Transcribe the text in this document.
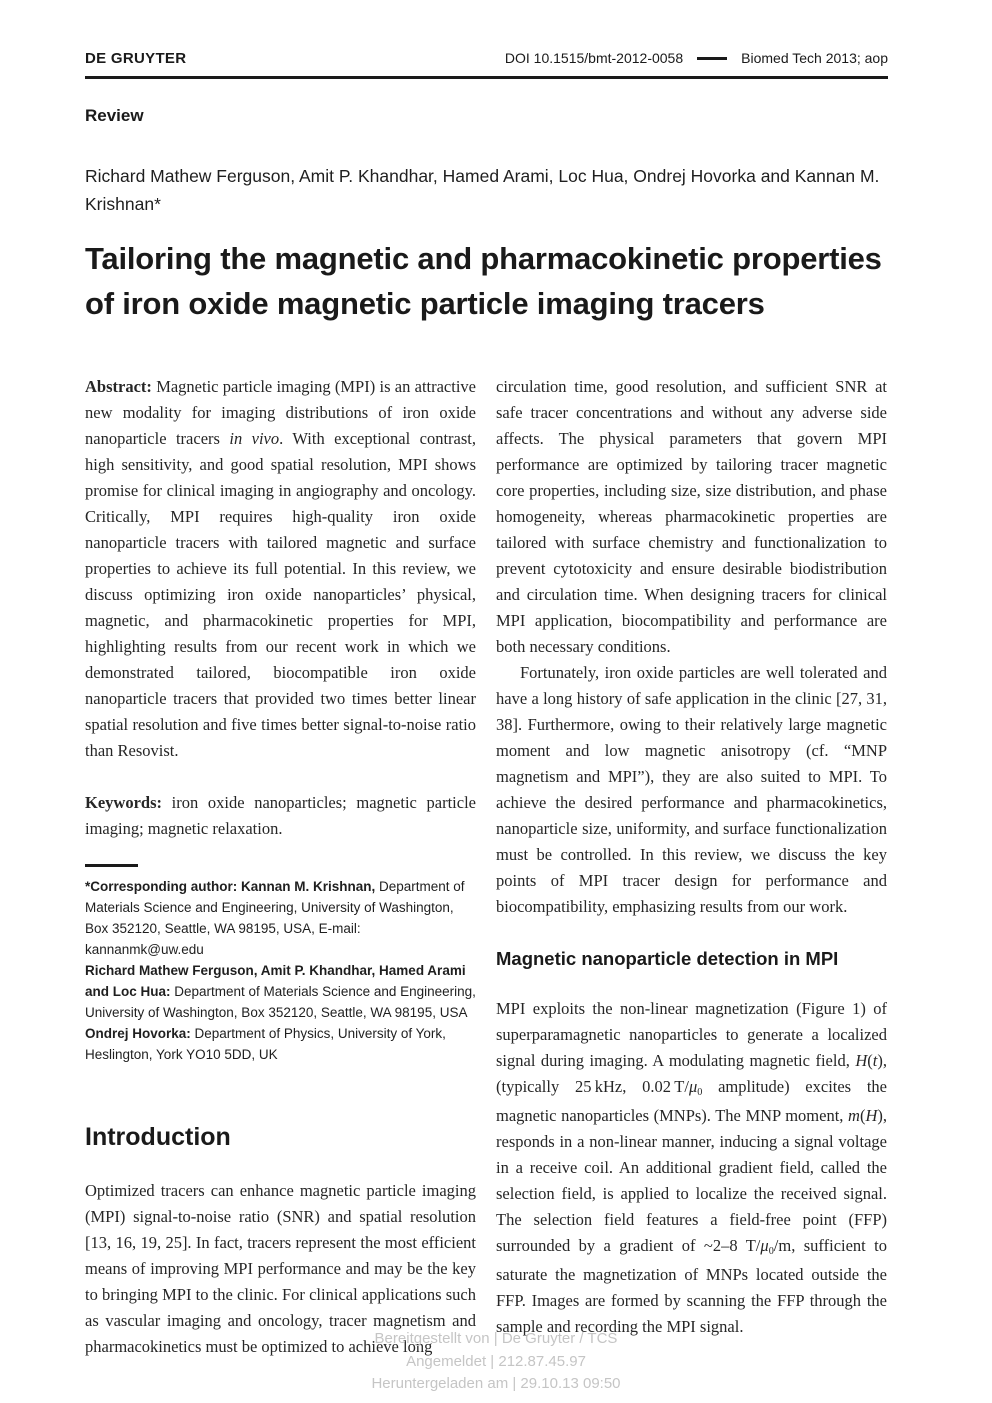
DE GRUYTER	DOI 10.1515/bmt-2012-0058	Biomed Tech 2013; aop
Review
Richard Mathew Ferguson, Amit P. Khandhar, Hamed Arami, Loc Hua, Ondrej Hovorka and Kannan M. Krishnan*
Tailoring the magnetic and pharmacokinetic properties of iron oxide magnetic particle imaging tracers

Abstract: Magnetic particle imaging (MPI) is an attractive new modality for imaging distributions of iron oxide nanoparticle tracers in vivo. With exceptional contrast, high sensitivity, and good spatial resolution, MPI shows promise for clinical imaging in angiography and oncology. Critically, MPI requires high-quality iron oxide nanoparticle tracers with tailored magnetic and surface properties to achieve its full potential. In this review, we discuss optimizing iron oxide nanoparticles’ physical, magnetic, and pharmacokinetic properties for MPI, highlighting results from our recent work in which we demonstrated tailored, biocompatible iron oxide nanoparticle tracers that provided two times better linear spatial resolution and five times better signal-to-noise ratio than Resovist.

Keywords: iron oxide nanoparticles; magnetic particle imaging; magnetic relaxation.

*Corresponding author: Kannan M. Krishnan, Department of Materials Science and Engineering, University of Washington, Box 352120, Seattle, WA 98195, USA, E-mail: kannanmk@uw.edu
Richard Mathew Ferguson, Amit P. Khandhar, Hamed Arami and Loc Hua: Department of Materials Science and Engineering, University of Washington, Box 352120, Seattle, WA 98195, USA
Ondrej Hovorka: Department of Physics, University of York, Heslington, York YO10 5DD, UK
Introduction

Optimized tracers can enhance magnetic particle imaging (MPI) signal-to-noise ratio (SNR) and spatial resolution [13, 16, 19, 25]. In fact, tracers represent the most efficient means of improving MPI performance and may be the key to bringing MPI to the clinic. For clinical applications such as vascular imaging and oncology, tracer magnetism and pharmacokinetics must be optimized to achieve long

circulation time, good resolution, and sufficient SNR at safe tracer concentrations and without any adverse side affects. The physical parameters that govern MPI performance are optimized by tailoring tracer magnetic core properties, including size, size distribution, and phase homogeneity, whereas pharmacokinetic properties are tailored with surface chemistry and functionalization to prevent cytotoxicity and ensure desirable biodistribution and circulation time. When designing tracers for clinical MPI application, biocompatibility and performance are both necessary conditions.

Fortunately, iron oxide particles are well tolerated and have a long history of safe application in the clinic [27, 31, 38]. Furthermore, owing to their relatively large magnetic moment and low magnetic anisotropy (cf. “MNP magnetism and MPI”), they are also suited to MPI. To achieve the desired performance and pharmacokinetics, nanoparticle size, uniformity, and surface functionalization must be controlled. In this review, we discuss the key points of MPI tracer design for performance and biocompatibility, emphasizing results from our work.

Magnetic nanoparticle detection in MPI

MPI exploits the non-linear magnetization (Figure 1) of superparamagnetic nanoparticles to generate a localized signal during imaging. A modulating magnetic field, H(t), (typically 25 kHz, 0.02 T/μ0 amplitude) excites the magnetic nanoparticles (MNPs). The MNP moment, m(H), responds in a non-linear manner, inducing a signal voltage in a receive coil. An additional gradient field, called the selection field, is applied to localize the received signal. The selection field features a field-free point (FFP) surrounded by a gradient of ~2–8 T/μ0/m, sufficient to saturate the magnetization of MNPs located outside the FFP. Images are formed by scanning the FFP through the sample and recording the MPI signal.

Bereitgestellt von | De Gruyter / TCS
Angemeldet | 212.87.45.97
Heruntergeladen am | 29.10.13 09:50
